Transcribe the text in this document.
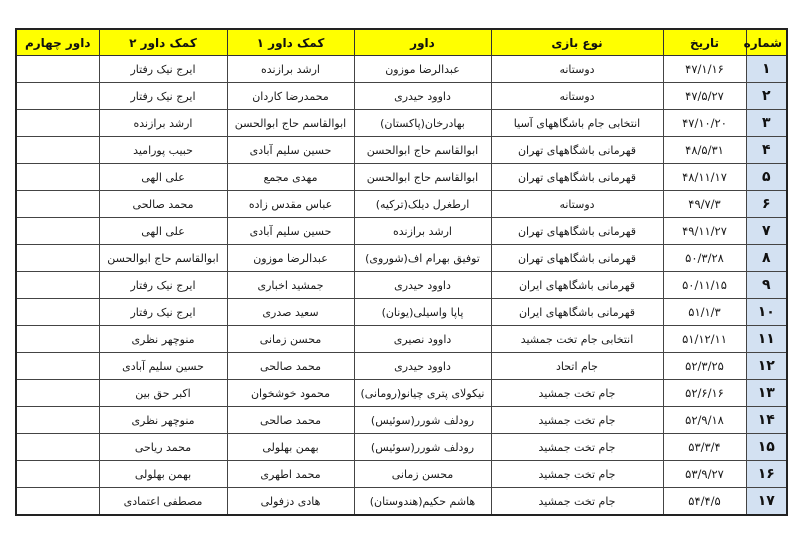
شماره	تاریخ	نوع بازی	داور	کمک داور ۱	کمک داور ۲	داور چهارم
۱	۴۷/۱/۱۶	دوستانه	عبدالرضا موزون	ارشد برازنده	ایرج نیک رفتار	
۲	۴۷/۵/۲۷	دوستانه	داوود حیدری	محمدرضا کاردان	ایرج نیک رفتار	
۳	۴۷/۱۰/۲۰	انتخابی جام باشگاههای آسیا	بهادرخان(پاکستان)	ابوالقاسم حاج ابوالحسن	ارشد برازنده	
۴	۴۸/۵/۳۱	قهرمانی باشگاههای تهران	ابوالقاسم حاج ابوالحسن	حسین سلیم آبادی	حبیب پورامید	
۵	۴۸/۱۱/۱۷	قهرمانی باشگاههای تهران	ابوالقاسم حاج ابوالحسن	مهدی مجمع	علی الهی	
۶	۴۹/۷/۳	دوستانه	ارطغرل دیلک(ترکیه)	عباس مقدس زاده	محمد صالحی	
۷	۴۹/۱۱/۲۷	قهرمانی باشگاههای تهران	ارشد برازنده	حسین سلیم آبادی	علی الهی	
۸	۵۰/۳/۲۸	قهرمانی باشگاههای تهران	توفیق بهرام اف(شوروی)	عبدالرضا موزون	ابوالقاسم حاج ابوالحسن	
۹	۵۰/۱۱/۱۵	قهرمانی باشگاههای ایران	داوود حیدری	جمشید اخباری	ایرج نیک رفتار	
۱۰	۵۱/۱/۳	قهرمانی باشگاههای ایران	پاپا واسیلی(یونان)	سعید صدری	ایرج نیک رفتار	
۱۱	۵۱/۱۲/۱۱	انتخابی جام تخت جمشید	داوود نصیری	محسن زمانی	منوچهر نظری	
۱۲	۵۲/۳/۲۵	جام اتحاد	داوود حیدری	محمد صالحی	حسین سلیم آبادی	
۱۳	۵۲/۶/۱۶	جام تخت جمشید	نیکولای پتری چیانو(رومانی)	محمود خوشخوان	اکبر حق بین	
۱۴	۵۲/۹/۱۸	جام تخت جمشید	رودلف شورر(سوئیس)	محمد صالحی	منوچهر نظری	
۱۵	۵۳/۳/۴	جام تخت جمشید	رودلف شورر(سوئیس)	بهمن بهلولی	محمد ریاحی	
۱۶	۵۳/۹/۲۷	جام تخت جمشید	محسن زمانی	محمد اطهری	بهمن بهلولی	
۱۷	۵۴/۴/۵	جام تخت جمشید	هاشم حکیم(هندوستان)	هادی دزفولی	مصطفی اعتمادی	
